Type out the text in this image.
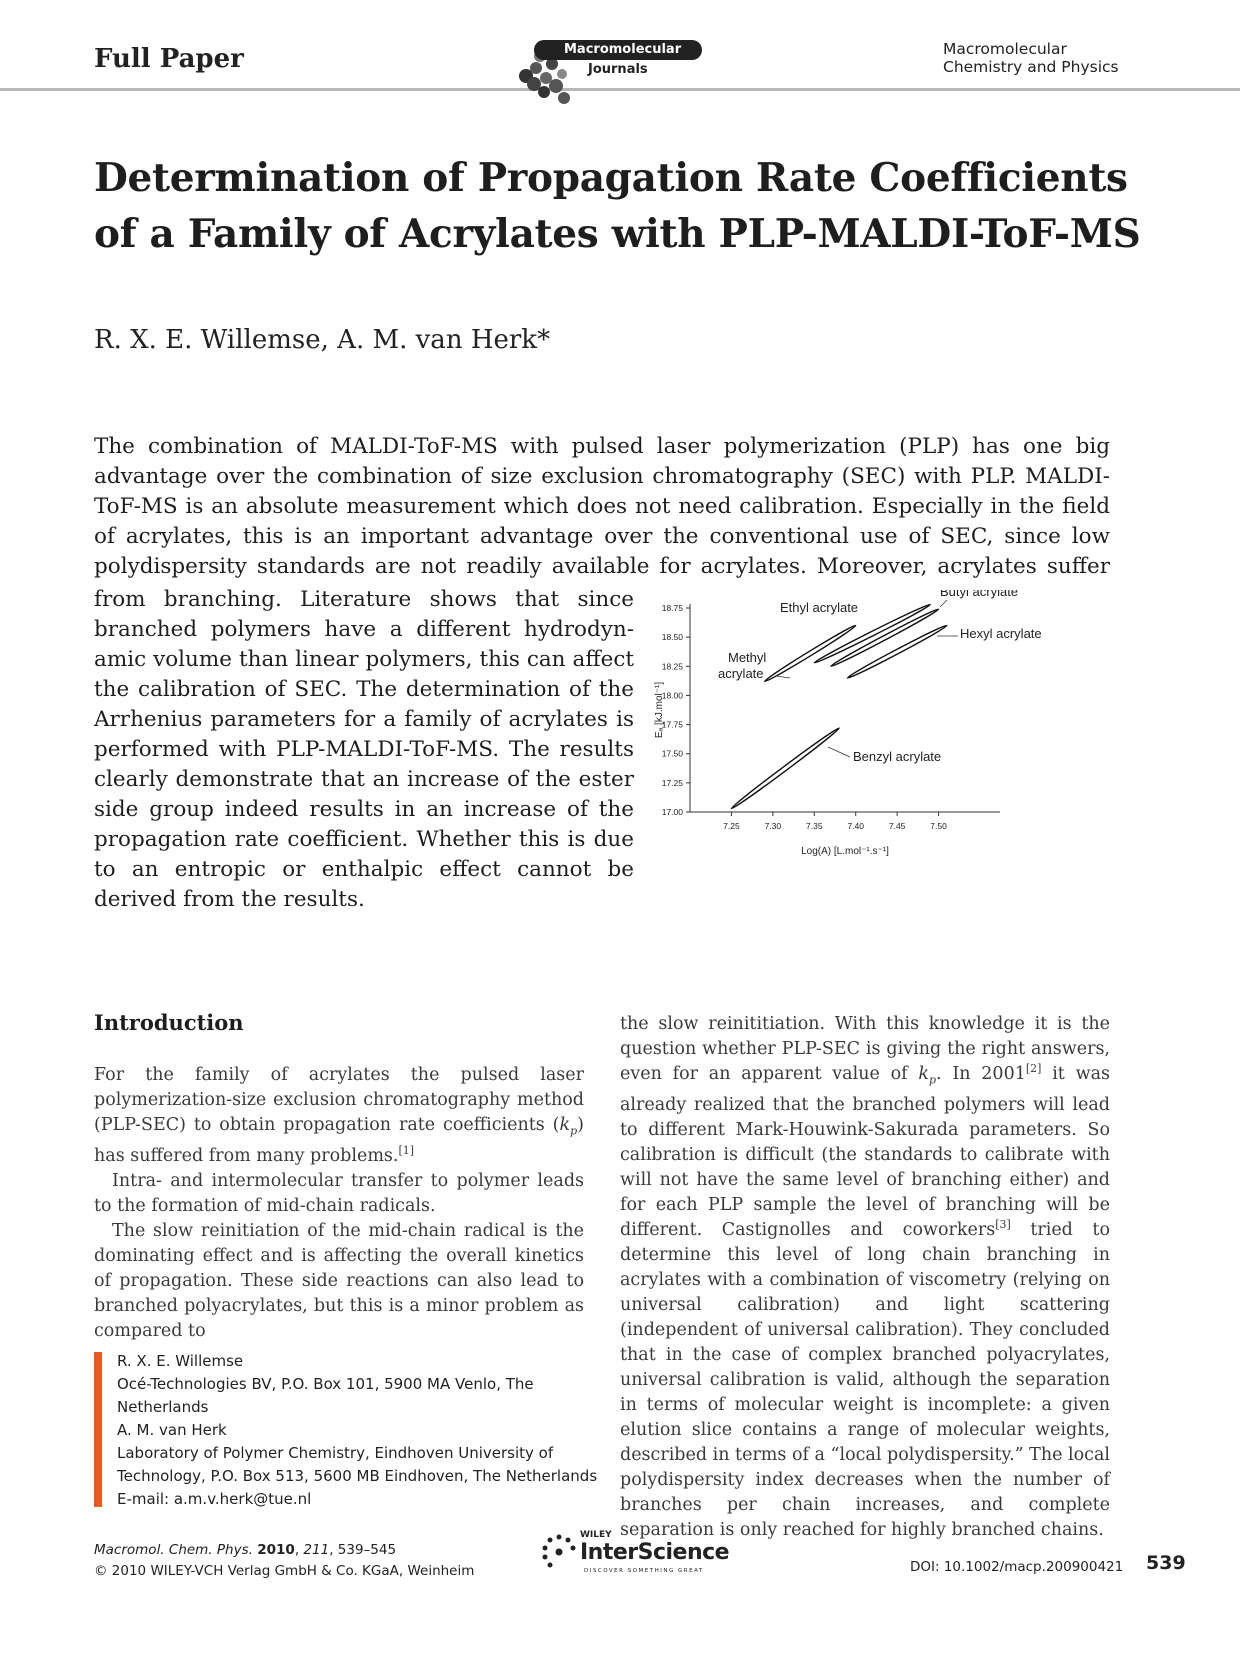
Full Paper	Macromolecular
Journals
Macromolecular
Chemistry and Physics
Determination of Propagation Rate Coefficients
of a Family of Acrylates with PLP-MALDI-ToF-MS
R. X. E. Willemse, A. M. van Herk*

The combination of MALDI-ToF-MS with pulsed laser polymerization (PLP) has one big advantage over the combination of size exclusion chromatography (SEC) with PLP. MALDI-ToF-MS is an absolute measurement which does not need calibration. Especially in the field of acrylates, this is an important advantage over the conventional use of SEC, since low polydispersity standards are not readily available for acrylates. Moreover, acrylates suffer

from branching. Literature shows that since branched polymers have a different hydrodyn-amic volume than linear polymers, this can affect the calibration of SEC. The determination of the Arrhenius parameters for a family of acrylates is performed with PLP-MALDI-ToF-MS. The results clearly demonstrate that an increase of the ester side group indeed results in an increase of the propagation rate coefficient. Whether this is due to an entropic or enthalpic effect cannot be derived from the results.

17.00
17.25
17.50
17.75
18.00
18.25
18.50
18.75
7.25	7.30	7.35	7.40	7.45	7.50
Log(A) [L.mol⁻¹.s⁻¹]
Eₐ [kJ.mol⁻¹]
Ethyl acrylate
Butyl acrylate
Hexyl acrylate
Methyl
acrylate
Benzyl acrylate
Introduction

For the family of acrylates the pulsed laser polymerization-size exclusion chromatography method (PLP-SEC) to obtain propagation rate coefficients $(k_p)$ has suffered from many problems.[1]

Intra- and intermolecular transfer to polymer leads to the formation of mid-chain radicals.

The slow reinitiation of the mid-chain radical is the dominating effect and is affecting the overall kinetics of propagation. These side reactions can also lead to branched polyacrylates, but this is a minor problem as compared to

the slow reinititiation. With this knowledge it is the question whether PLP-SEC is giving the right answers, even for an apparent value of $k_p$. In 2001[2] it was already realized that the branched polymers will lead to different Mark-Houwink-Sakurada parameters. So calibration is difficult (the standards to calibrate with will not have the same level of branching either) and for each PLP sample the level of branching will be different. Castignolles and coworkers[3] tried to determine this level of long chain branching in acrylates with a combination of viscometry (relying on universal calibration) and light scattering (independent of universal calibration). They concluded that in the case of complex branched polyacrylates, universal calibration is valid, although the separation in terms of molecular weight is incomplete: a given elution slice contains a range of molecular weights, described in terms of a “local polydispersity.” The local polydispersity index decreases when the number of branches per chain increases, and complete separation is only reached for highly branched chains.

R. X. E. Willemse
Océ-Technologies BV, P.O. Box 101, 5900 MA Venlo, The
Netherlands
A. M. van Herk
Laboratory of Polymer Chemistry, Eindhoven University of
Technology, P.O. Box 513, 5600 MB Eindhoven, The Netherlands
E-mail: a.m.v.herk@tue.nl
Macromol. Chem. Phys. 2010, 211, 539–545
© 2010 WILEY-VCH Verlag GmbH & Co. KGaA, Weinheim
WILEY
InterScience
DISCOVER SOMETHING GREAT	DOI: 10.1002/macp.200900421 539
